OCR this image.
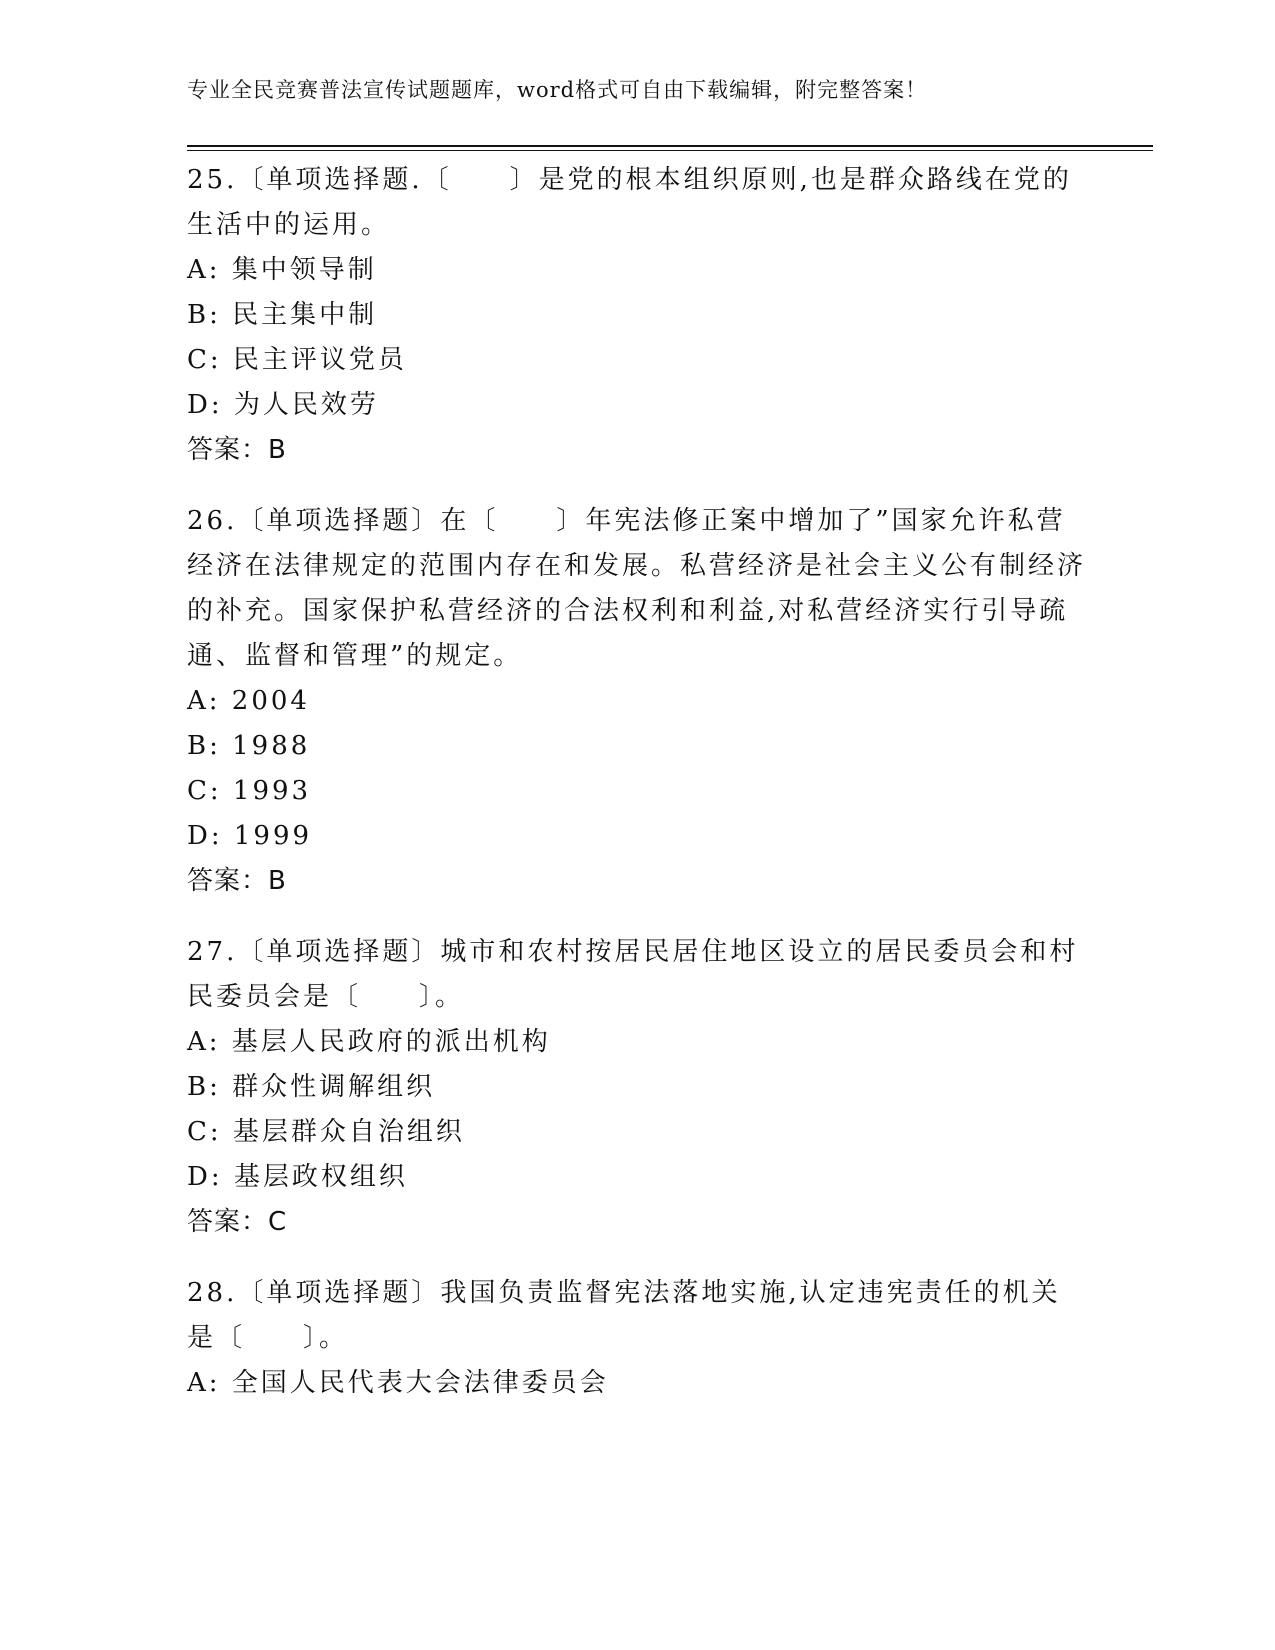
专业全民竞赛普法宣传试题题库，word格式可自由下载编辑，附完整答案！

25.〔单项选择题.〔　　〕是党的根本组织原则,也是群众路线在党的生活中的运用。

A: 集中领导制

B: 民主集中制

C: 民主评议党员

D: 为人民效劳

答案：B

26.〔单项选择题〕在〔　　〕年宪法修正案中增加了”国家允许私营经济在法律规定的范围内存在和发展。私营经济是社会主义公有制经济的补充。国家保护私营经济的合法权利和利益,对私营经济实行引导疏通、监督和管理”的规定。

A: 2004

B: 1988

C: 1993

D: 1999

答案：B

27.〔单项选择题〕城市和农村按居民居住地区设立的居民委员会和村民委员会是〔　　〕。

A: 基层人民政府的派出机构

B: 群众性调解组织

C: 基层群众自治组织

D: 基层政权组织

答案：C

28.〔单项选择题〕我国负责监督宪法落地实施,认定违宪责任的机关是〔　　〕。

A: 全国人民代表大会法律委员会
